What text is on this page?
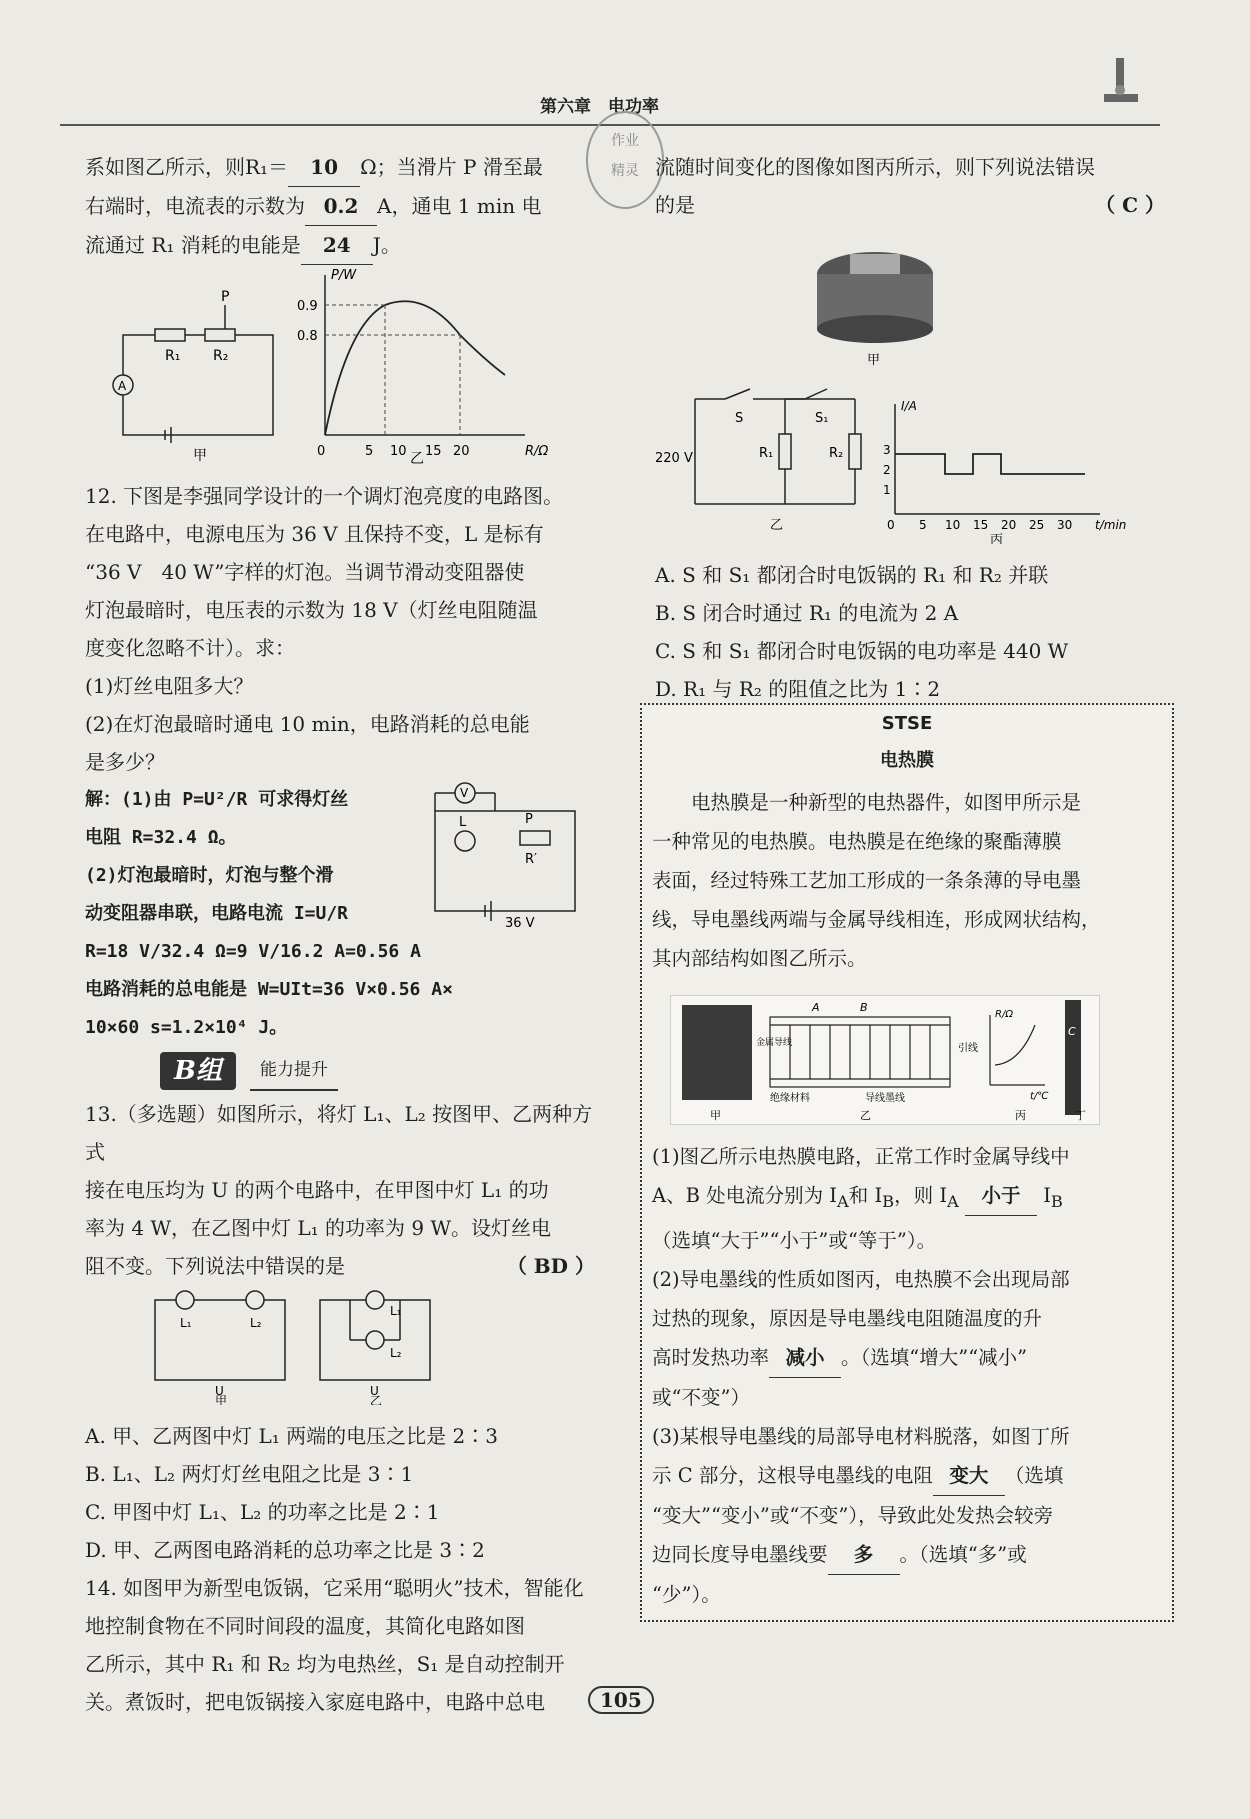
第六章　电功率
作业
精灵

系如图乙所示，则R₁＝ 10 Ω；当滑片 P 滑至最

右端时，电流表的示数为 0.2 A，通电 1 min 电

流通过 R₁ 消耗的电能是 24 J。

R₁ R₂
P
A
甲
P/W
R/Ω
0.9
0.8
0	5 10 15 20
乙

12. 下图是李强同学设计的一个调灯泡亮度的电路图。

在电路中，电源电压为 36 V 且保持不变，L 是标有

“36 V　40 W”字样的灯泡。当调节滑动变阻器使

灯泡最暗时，电压表的示数为 18 V（灯丝电阻随温

度变化忽略不计）。求：

(1)灯丝电阻多大？

(2)在灯泡最暗时通电 10 min，电路消耗的总电能

是多少？

解：(1)由 P=U²/R 可求得灯丝

电阻 R=32.4 Ω。

(2)灯泡最暗时，灯泡与整个滑

动变阻器串联，电路电流 I=U/R

R=18 V/32.4 Ω=9 V/16.2 A=0.56 A

电路消耗的总电能是 W=UIt=36 V×0.56 A×

10×60 s=1.2×10⁴ J。

V
L	P
R′
36 V
B组	能力提升

13.（多选题）如图所示，将灯 L₁、L₂ 按图甲、乙两种方式

接在电压均为 U 的两个电路中，在甲图中灯 L₁ 的功

率为 4 W，在乙图中灯 L₁ 的功率为 9 W。设灯丝电

阻不变。下列说法中错误的是	（ BD ）

L₁	L₂
U
甲
L₁
L₂
U
乙

A. 甲、乙两图中灯 L₁ 两端的电压之比是 2∶3

B. L₁、L₂ 两灯灯丝电阻之比是 3∶1

C. 甲图中灯 L₁、L₂ 的功率之比是 2∶1

D. 甲、乙两图电路消耗的总功率之比是 3∶2

14. 如图甲为新型电饭锅，它采用“聪明火”技术，智能化

地控制食物在不同时间段的温度，其简化电路如图

乙所示，其中 R₁ 和 R₂ 均为电热丝，S₁ 是自动控制开

关。煮饭时，把电饭锅接入家庭电路中，电路中总电

流随时间变化的图像如图丙所示，则下列说法错误

的是	（ C ）

甲
S	S₁
R₁	R₂
220 V
乙
I/A
t/min
1
2
3
0 5 10 15 20 25 30
丙

A. S 和 S₁ 都闭合时电饭锅的 R₁ 和 R₂ 并联

B. S 闭合时通过 R₁ 的电流为 2 A

C. S 和 S₁ 都闭合时电饭锅的电功率是 440 W

D. R₁ 与 R₂ 的阻值之比为 1∶2

STSE
电热膜
　　电热膜是一种新型的电热器件，如图甲所示是
一种常见的电热膜。电热膜是在绝缘的聚酯薄膜
表面，经过特殊工艺加工形成的一条条薄的导电墨
线，导电墨线两端与金属导线相连，形成网状结构，
其内部结构如图乙所示。
A	B
金属导线	引线
绝缘材料	导线墨线
R/Ω
t/℃
C
甲	乙	丙	丁
(1)图乙所示电热膜电路，正常工作时金属导线中
A、B 处电流分别为 $I_A$和 $I_B$，则 $I_A$ 小于 $I_B$
（选填“大于”“小于”或“等于”）。
(2)导电墨线的性质如图丙，电热膜不会出现局部
过热的现象，原因是导电墨线电阻随温度的升
高时发热功率 减小 。（选填“增大”“减小”
或“不变”）
(3)某根导电墨线的局部导电材料脱落，如图丁所
示 C 部分，这根导电墨线的电阻 变大 （选填
“变大”“变小”或“不变”），导致此处发热会较旁
边同长度导电墨线要 多 。（选填“多”或
“少”）。
105
